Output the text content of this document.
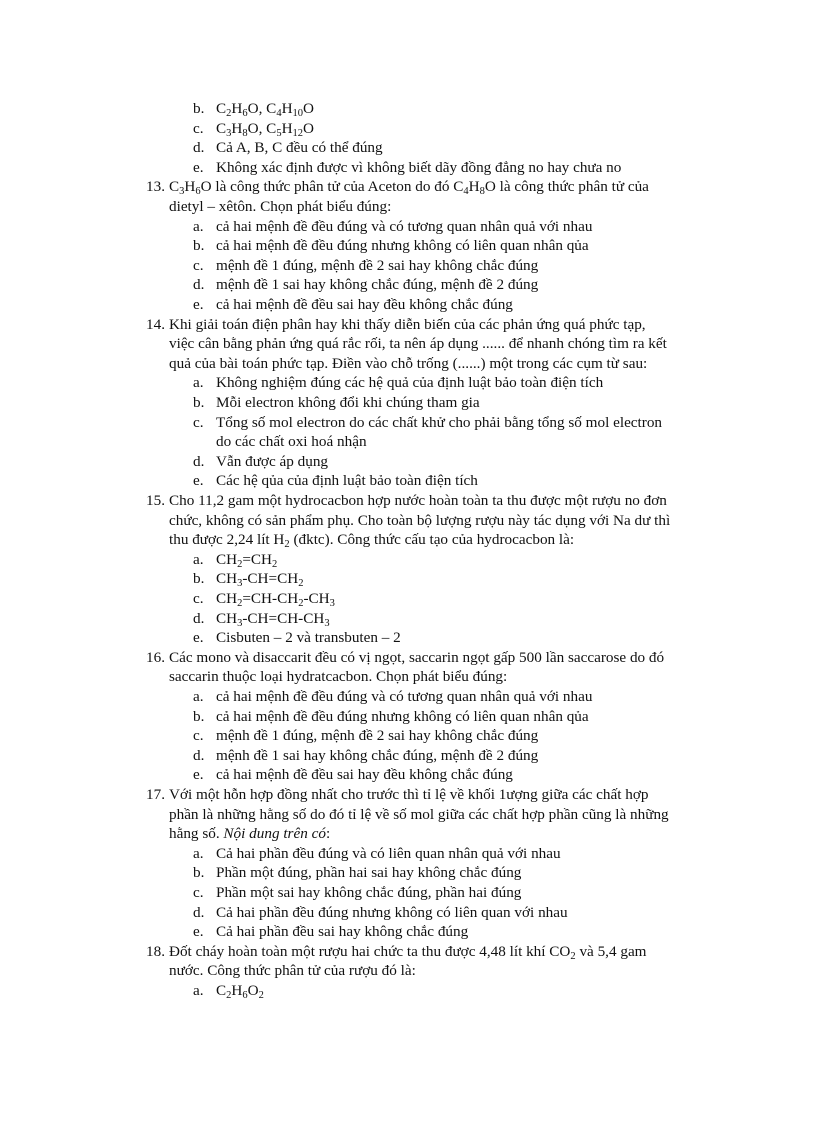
b. $C_2H_6O$, $C_4H_{10}O$
c. $C_3H_8O$, $C_5H_{12}O$
d. Cả A, B, C đều có thể đúng
e. Không xác định được vì không biết dãy đồng đẳng no hay chưa no
13. $C_3H_6O$ là công thức phân tử của Aceton do đó $C_4H_8O$ là công thức phân tử của
dietyl – xêtôn. Chọn phát biểu đúng:
a. cả hai mệnh đề đều đúng và có tương quan nhân quả với nhau
b. cả hai mệnh đề đều đúng nhưng không có liên quan nhân qủa
c. mệnh đề 1 đúng, mệnh đề 2 sai hay không chắc đúng
d. mệnh đề 1 sai hay không chắc đúng, mệnh đề 2 đúng
e. cả hai mệnh đề đều sai hay đều không chắc đúng
14. Khi giải toán điện phân hay khi thấy diễn biến của các phản ứng quá phức tạp,
việc cân bằng phản ứng quá rắc rối, ta nên áp dụng ...... để nhanh chóng tìm ra kết
quả của bài toán phức tạp. Điền vào chỗ trống (......) một trong các cụm từ sau:
a. Không nghiệm đúng các hệ quả của định luật bảo toàn điện tích
b. Mỗi electron không đổi khi chúng tham gia
c. Tổng số mol electron do các chất khử cho phải bằng tổng số mol electron
do các chất oxi hoá nhận
d. Vẫn được áp dụng
e. Các hệ qủa của định luật bảo toàn điện tích
15. Cho 11,2 gam một hydrocacbon hợp nước hoàn toàn ta thu được một rượu no đơn
chức, không có sản phẩm phụ. Cho toàn bộ lượng rượu này tác dụng với Na dư thì
thu được 2,24 lít $H_2$ (đktc). Công thức cấu tạo của hydrocacbon là:
a. $CH_2=CH_2$
b. $CH_3-CH=CH_2$
c. $CH_2=CH-CH_2-CH_3$
d. $CH_3-CH=CH-CH_3$
e. Cisbuten – 2 và transbuten – 2
16. Các mono và disaccarit đều có vị ngọt, saccarin ngọt gấp 500 lần saccarose do đó
saccarin thuộc loại hydratcacbon. Chọn phát biểu đúng:
a. cả hai mệnh đề đều đúng và có tương quan nhân quả với nhau
b. cả hai mệnh đề đều đúng nhưng không có liên quan nhân qủa
c. mệnh đề 1 đúng, mệnh đề 2 sai hay không chắc đúng
d. mệnh đề 1 sai hay không chắc đúng, mệnh đề 2 đúng
e. cả hai mệnh đề đều sai hay đều không chắc đúng
17. Với một hỗn hợp đồng nhất cho trước thì tỉ lệ về khối 1ượng giữa các chất hợp
phần là những hằng số do đó tỉ lệ về số mol giữa các chất hợp phần cũng là những
hằng số. Nội dung trên có:
a. Cả hai phần đều đúng và có liên quan nhân quả với nhau
b. Phần một đúng, phần hai sai hay không chắc đúng
c. Phần một sai hay không chắc đúng, phần hai đúng
d. Cả hai phần đều đúng nhưng không có liên quan với nhau
e. Cả hai phần đều sai hay không chắc đúng
18. Đốt cháy hoàn toàn một rượu hai chức ta thu được 4,48 lít khí $CO_2$ và 5,4 gam
nước. Công thức phân tử của rượu đó là:
a. $C_2H_6O_2$
